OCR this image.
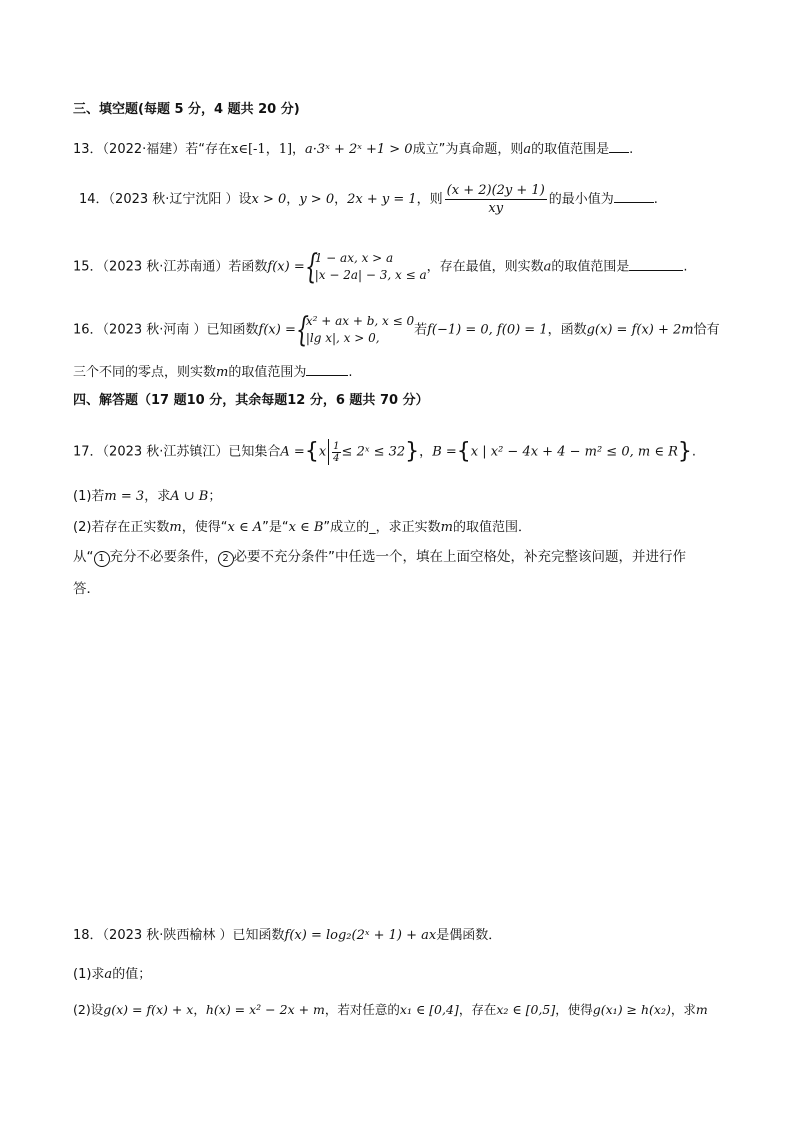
三、填空题(每题 5 分，4 题共 20 分)
13．（2022·福建）若“存在x∈[-1，1]，a·3ˣ + 2ˣ +1 > 0成立”为真命题，则a的取值范围是 .
14．（2023 秋·辽宁沈阳 ）设x > 0，y > 0，2x + y = 1，则 $\frac{(x + 2)(2y + 1)}{xy}$ 的最小值为	.
15．（2023 秋·江苏南通）若函数f(x) = {
1 − ax, x > a
|x − 2a| − 3, x ≤ a
，存在最值，则实数a的取值范围是	.
16．（2023 秋·河南 ）已知函数f(x) = {
x² + ax + b, x ≤ 0
|lg x|, x > 0,
若f(−1) = 0, f(0) = 1，函数g(x) = f(x) + 2m恰有
三个不同的零点，则实数m的取值范围为	.
四、解答题（17 题10 分，其余每题12 分，6 题共 70 分）
17．（2023 秋·江苏镇江）已知集合$A =\{x \frac{1}{4}$ ≤ 2ˣ ≤ 32}，B ={x | x² − 4x + 4 − m² ≤ 0, m ∈ R}.
(1)若m = 3，求A ∪ B；
(2)若存在正实数m，使得“x ∈ A”是“x ∈ B”成立的_，求正实数m的取值范围．
从“ 1 充分不必要条件， 2 必要不充分条件”中任选一个，填在上面空格处，补充完整该问题，并进行作
答．
18．（2023 秋·陕西榆林 ）已知函数f(x) = log₂(2ˣ + 1) + ax是偶函数．
(1)求a的值；
(2)设g(x) = f(x) + x，h(x) = x² − 2x + m，若对任意的x₁ ∈ [0,4]，存在x₂ ∈ [0,5]，使得g(x₁) ≥ h(x₂)，求m
